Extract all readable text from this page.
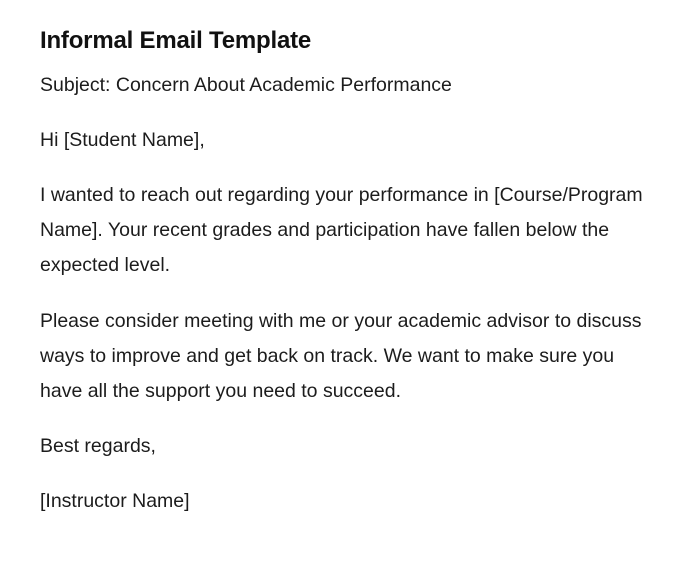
Informal Email Template

Subject: Concern About Academic Performance

Hi [Student Name],

I wanted to reach out regarding your performance in [Course/Program Name]. Your recent grades and participation have fallen below the expected level.

Please consider meeting with me or your academic advisor to discuss ways to improve and get back on track. We want to make sure you have all the support you need to succeed.

Best regards,

[Instructor Name]
